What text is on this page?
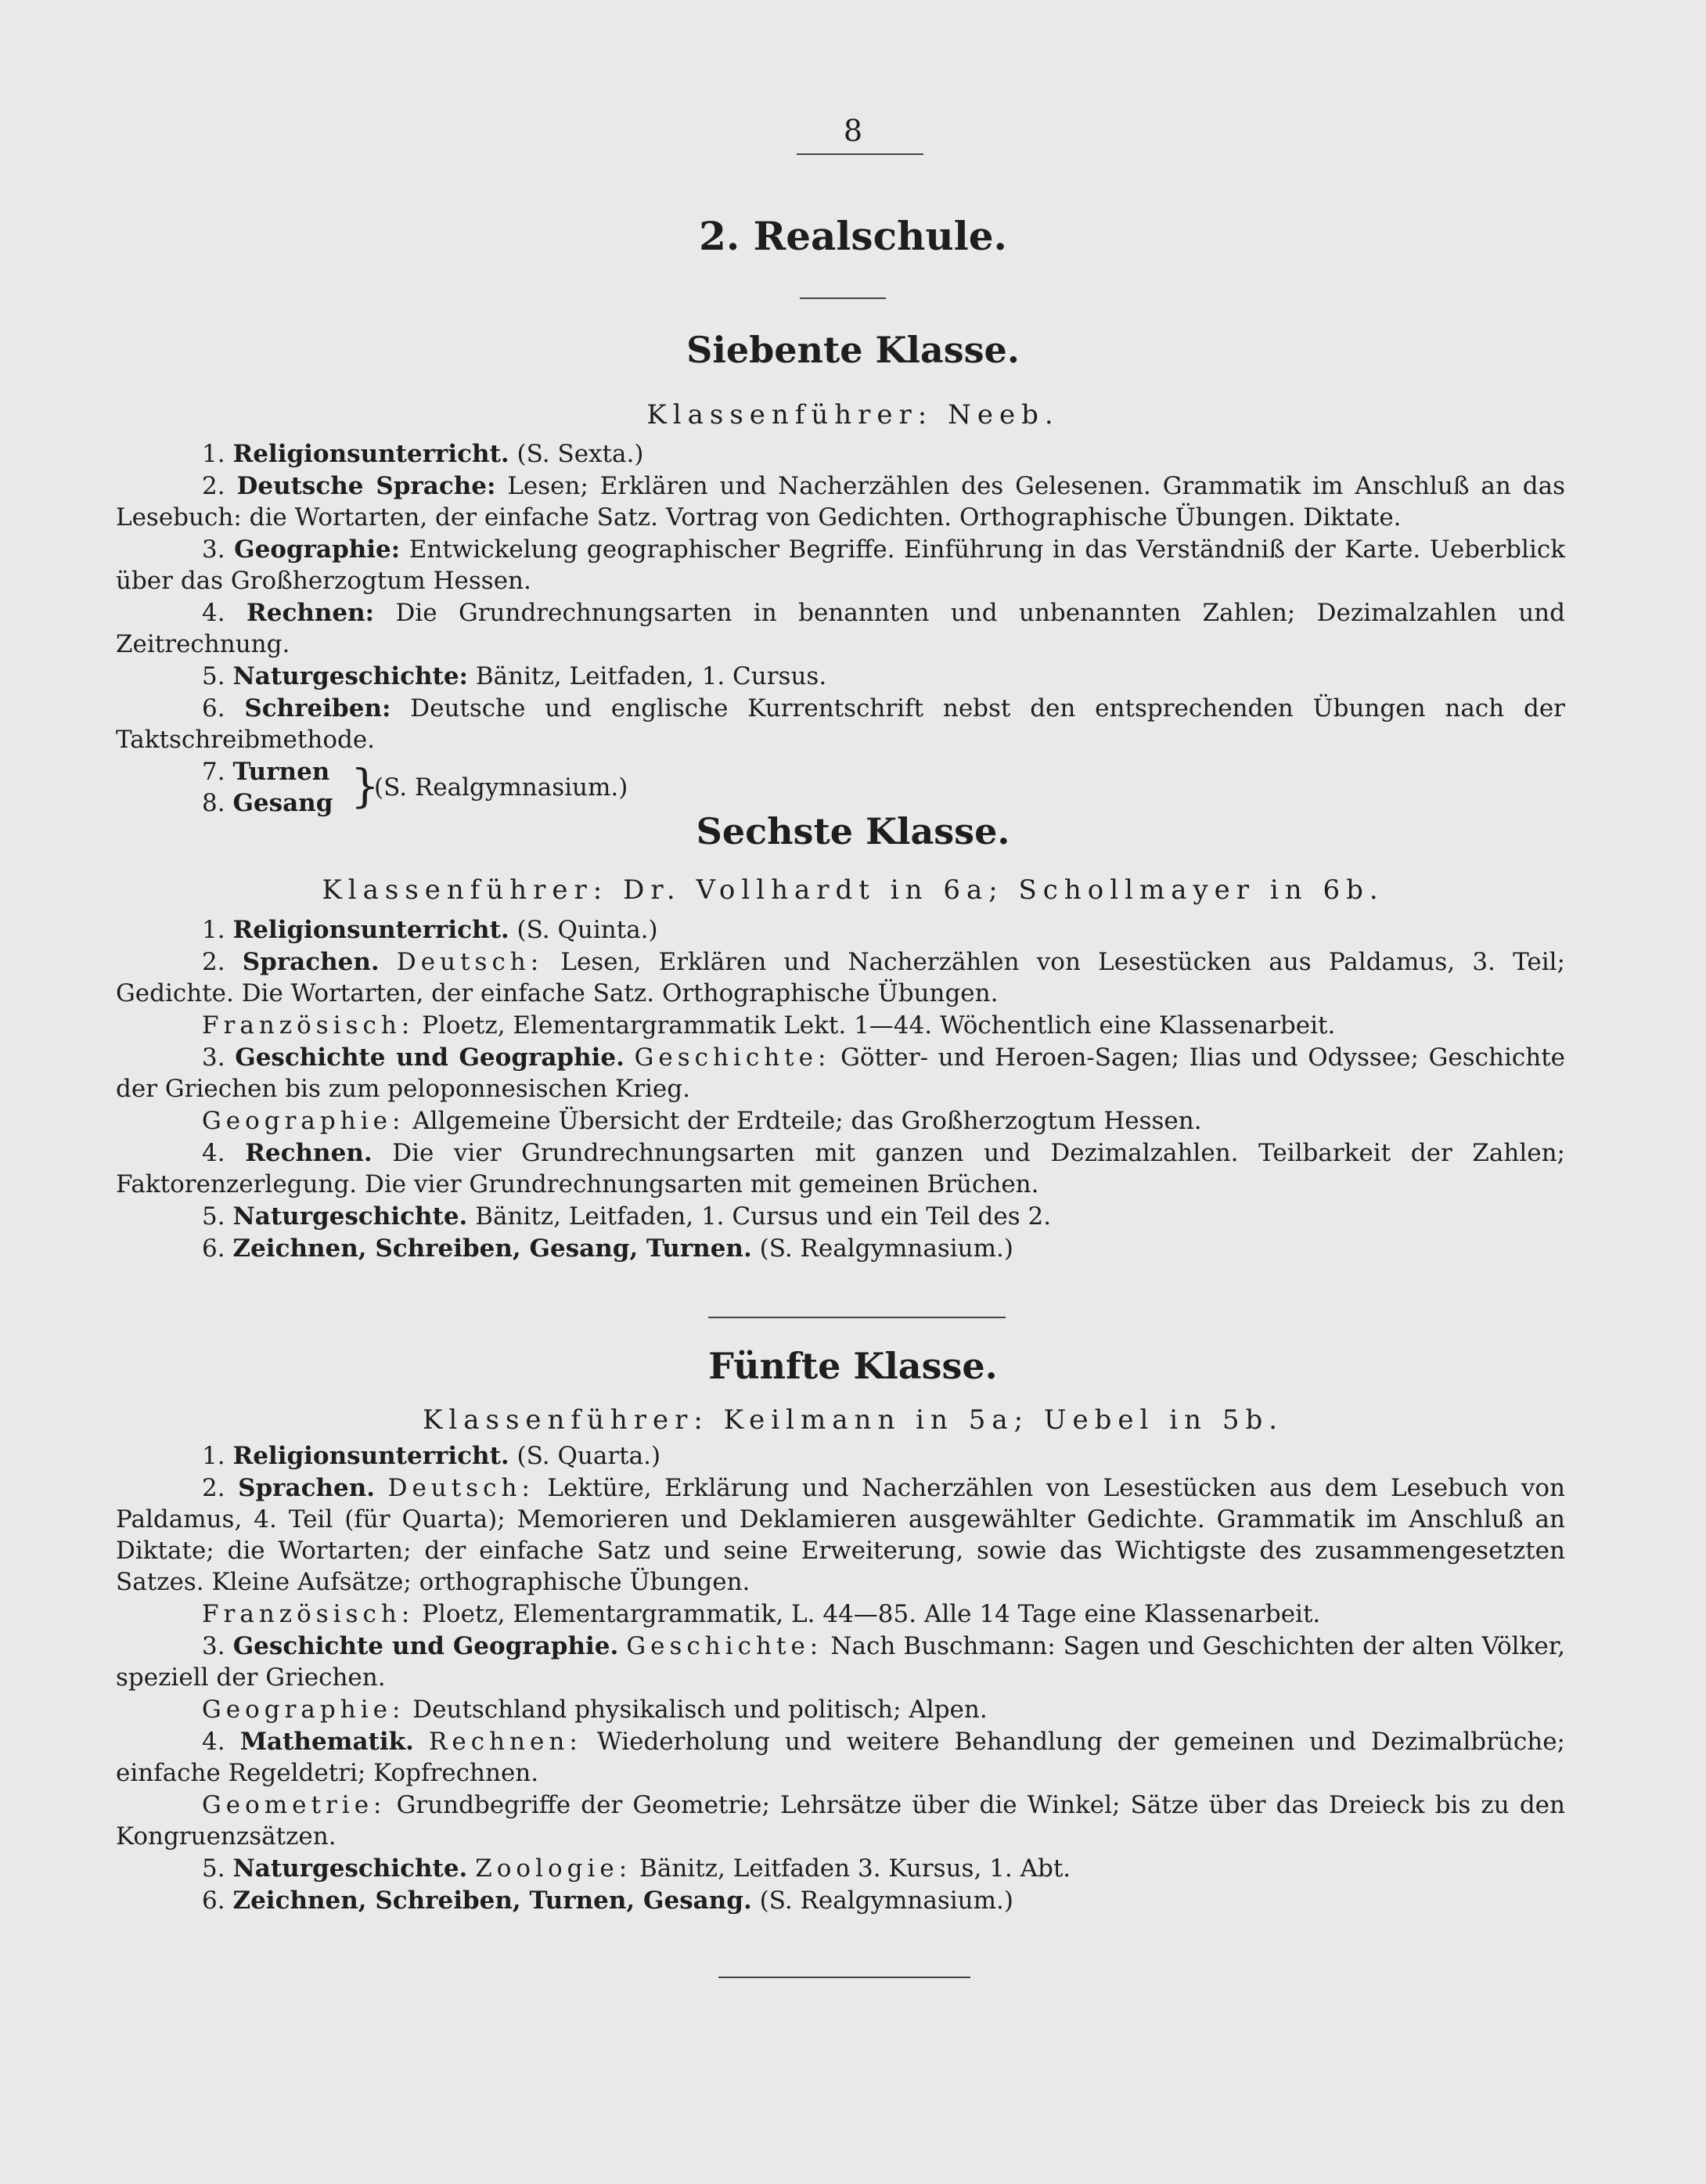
8
2. Realschule.
Siebente Klasse.
Klassenführer: Neeb.
1. Religionsunterricht. (S. Sexta.)
2. Deutsche Sprache: Lesen; Erklären und Nacherzählen des Gelesenen. Grammatik im Anschluß an das Lesebuch: die Wortarten, der einfache Satz. Vortrag von Gedichten. Orthographische Übungen. Diktate.
3. Geographie: Entwickelung geographischer Begriffe. Einführung in das Verständniß der Karte. Ueberblick über das Großherzogtum Hessen.
4. Rechnen: Die Grundrechnungsarten in benannten und unbenannten Zahlen; Dezimalzahlen und Zeitrechnung.
5. Naturgeschichte: Bänitz, Leitfaden, 1. Cursus.
6. Schreiben: Deutsche und englische Kurrentschrift nebst den entsprechenden Übungen nach der Taktschreibmethode.
7. Turnen
8. Gesang }
(S. Realgymnasium.)
Sechste Klasse.
Klassenführer: Dr. Vollhardt in 6a; Schollmayer in 6b.
1. Religionsunterricht. (S. Quinta.)
2. Sprachen. Deutsch: Lesen, Erklären und Nacherzählen von Lesestücken aus Paldamus, 3. Teil; Gedichte. Die Wortarten, der einfache Satz. Orthographische Übungen.
Französisch: Ploetz, Elementargrammatik Lekt. 1—44. Wöchentlich eine Klassenarbeit.
3. Geschichte und Geographie. Geschichte: Götter- und Heroen-Sagen; Ilias und Odyssee; Geschichte der Griechen bis zum peloponnesischen Krieg.
Geographie: Allgemeine Übersicht der Erdteile; das Großherzogtum Hessen.
4. Rechnen. Die vier Grundrechnungsarten mit ganzen und Dezimalzahlen. Teilbarkeit der Zahlen; Faktorenzerlegung. Die vier Grundrechnungsarten mit gemeinen Brüchen.
5. Naturgeschichte. Bänitz, Leitfaden, 1. Cursus und ein Teil des 2.
6. Zeichnen, Schreiben, Gesang, Turnen. (S. Realgymnasium.)
Fünfte Klasse.
Klassenführer: Keilmann in 5a; Uebel in 5b.
1. Religionsunterricht. (S. Quarta.)
2. Sprachen. Deutsch: Lektüre, Erklärung und Nacherzählen von Lesestücken aus dem Lesebuch von Paldamus, 4. Teil (für Quarta); Memorieren und Deklamieren ausgewählter Gedichte. Grammatik im Anschluß an Diktate; die Wortarten; der einfache Satz und seine Erweiterung, sowie das Wichtigste des zusammengesetzten Satzes. Kleine Aufsätze; orthographische Übungen.
Französisch: Ploetz, Elementargrammatik, L. 44—85. Alle 14 Tage eine Klassenarbeit.
3. Geschichte und Geographie. Geschichte: Nach Buschmann: Sagen und Geschichten der alten Völker, speziell der Griechen.
Geographie: Deutschland physikalisch und politisch; Alpen.
4. Mathematik. Rechnen: Wiederholung und weitere Behandlung der gemeinen und Dezimalbrüche; einfache Regeldetri; Kopfrechnen.
Geometrie: Grundbegriffe der Geometrie; Lehrsätze über die Winkel; Sätze über das Dreieck bis zu den Kongruenzsätzen.
5. Naturgeschichte. Zoologie: Bänitz, Leitfaden 3. Kursus, 1. Abt.
6. Zeichnen, Schreiben, Turnen, Gesang. (S. Realgymnasium.)
